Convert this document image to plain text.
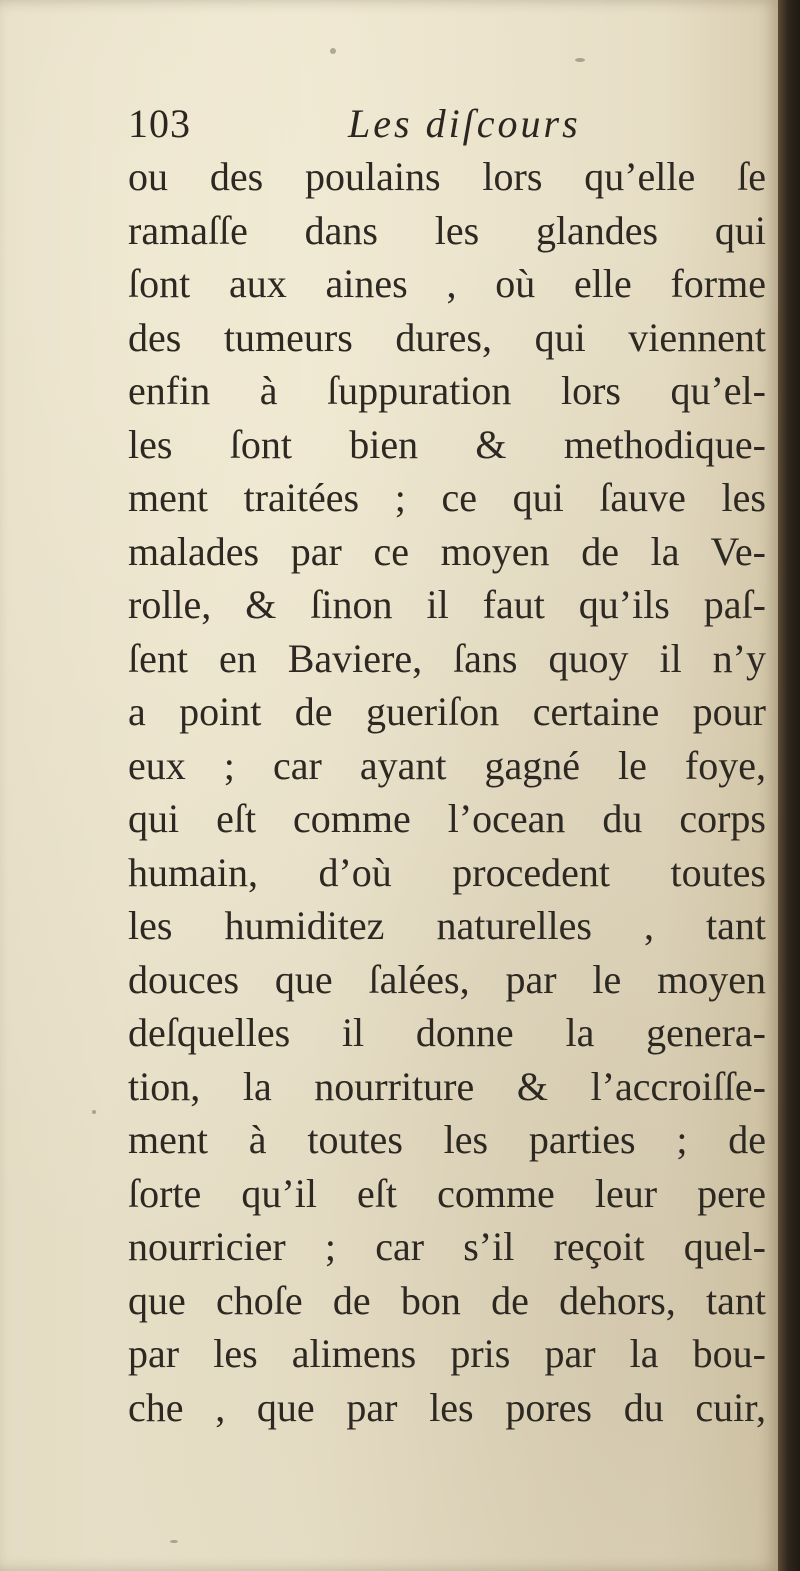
103	Les diſcours
ou des poulains lors qu’elle ſe
ramaſſe dans les glandes qui
ſont aux aines , où elle forme
des tumeurs dures, qui viennent
enfin à ſuppuration lors qu’el-
les ſont bien & methodique-
ment traitées ; ce qui ſauve les
malades par ce moyen de la Ve-
rolle, & ſinon il faut qu’ils paſ-
ſent en Baviere, ſans quoy il n’y
a point de gueriſon certaine pour
eux ; car ayant gagné le foye,
qui eſt comme l’ocean du corps
humain, d’où procedent toutes
les humiditez naturelles , tant
douces que ſalées, par le moyen
deſquelles il donne la genera-
tion, la nourriture & l’accroiſſe-
ment à toutes les parties ; de
ſorte qu’il eſt comme leur pere
nourricier ; car s’il reçoit quel-
que choſe de bon de dehors, tant
par les alimens pris par la bou-
che , que par les pores du cuir,
